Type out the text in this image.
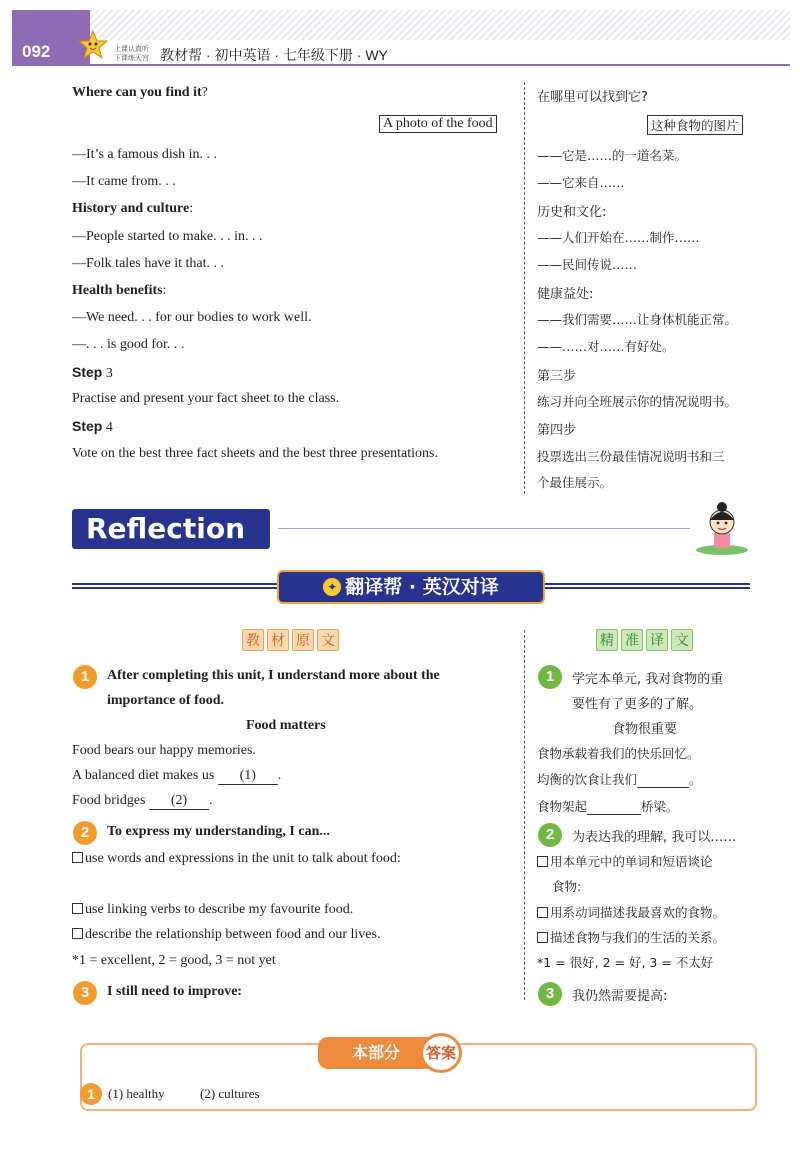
092	上课认真听
下课练天宫 教材帮 · 初中英语 · 七年级下册 · WY
Where can you find it?
A photo of the food
—It’s a famous dish in. . .
—It came from. . .
History and culture:
—People started to make. . . in. . .
—Folk tales have it that. . .
Health benefits:
—We need. . . for our bodies to work well.
—. . . is good for. . .
Step 3
Practise and present your fact sheet to the class.
Step 4
Vote on the best three fact sheets and the best three presentations.
在哪里可以找到它?
这种食物的图片
——它是……的一道名菜。
——它来自……
历史和文化:
——人们开始在……制作……
——民间传说……
健康益处:
——我们需要……让身体机能正常。
——……对……有好处。
第三步
练习并向全班展示你的情况说明书。
第四步
投票选出三份最佳情况说明书和三
个最佳展示。
Reflection
✦ 翻译帮 · 英汉对译
教 材 原 文
1	After completing this unit, I understand more about the
importance of food.
Food matters
Food bears our happy memories.
A balanced diet makes us (1) .
Food bridges (2) .
2	To express my understanding, I can...
use words and expressions in the unit to talk about food:
use linking verbs to describe my favourite food.
describe the relationship between food and our lives.
*1 = excellent, 2 = good, 3 = not yet
3	I still need to improve:
精 准 译 文
1	学完本单元, 我对食物的重
要性有了更多的了解。
食物很重要
食物承载着我们的快乐回忆。
均衡的饮食让我们	。
食物架起	桥梁。
2	为表达我的理解, 我可以……
用本单元中的单词和短语谈论
食物:
用系动词描述我最喜欢的食物。
描述食物与我们的生活的关系。
*1 = 很好, 2 = 好, 3 = 不太好
3	我仍然需要提高:
本部分	答案
1	(1) healthy	(2) cultures
